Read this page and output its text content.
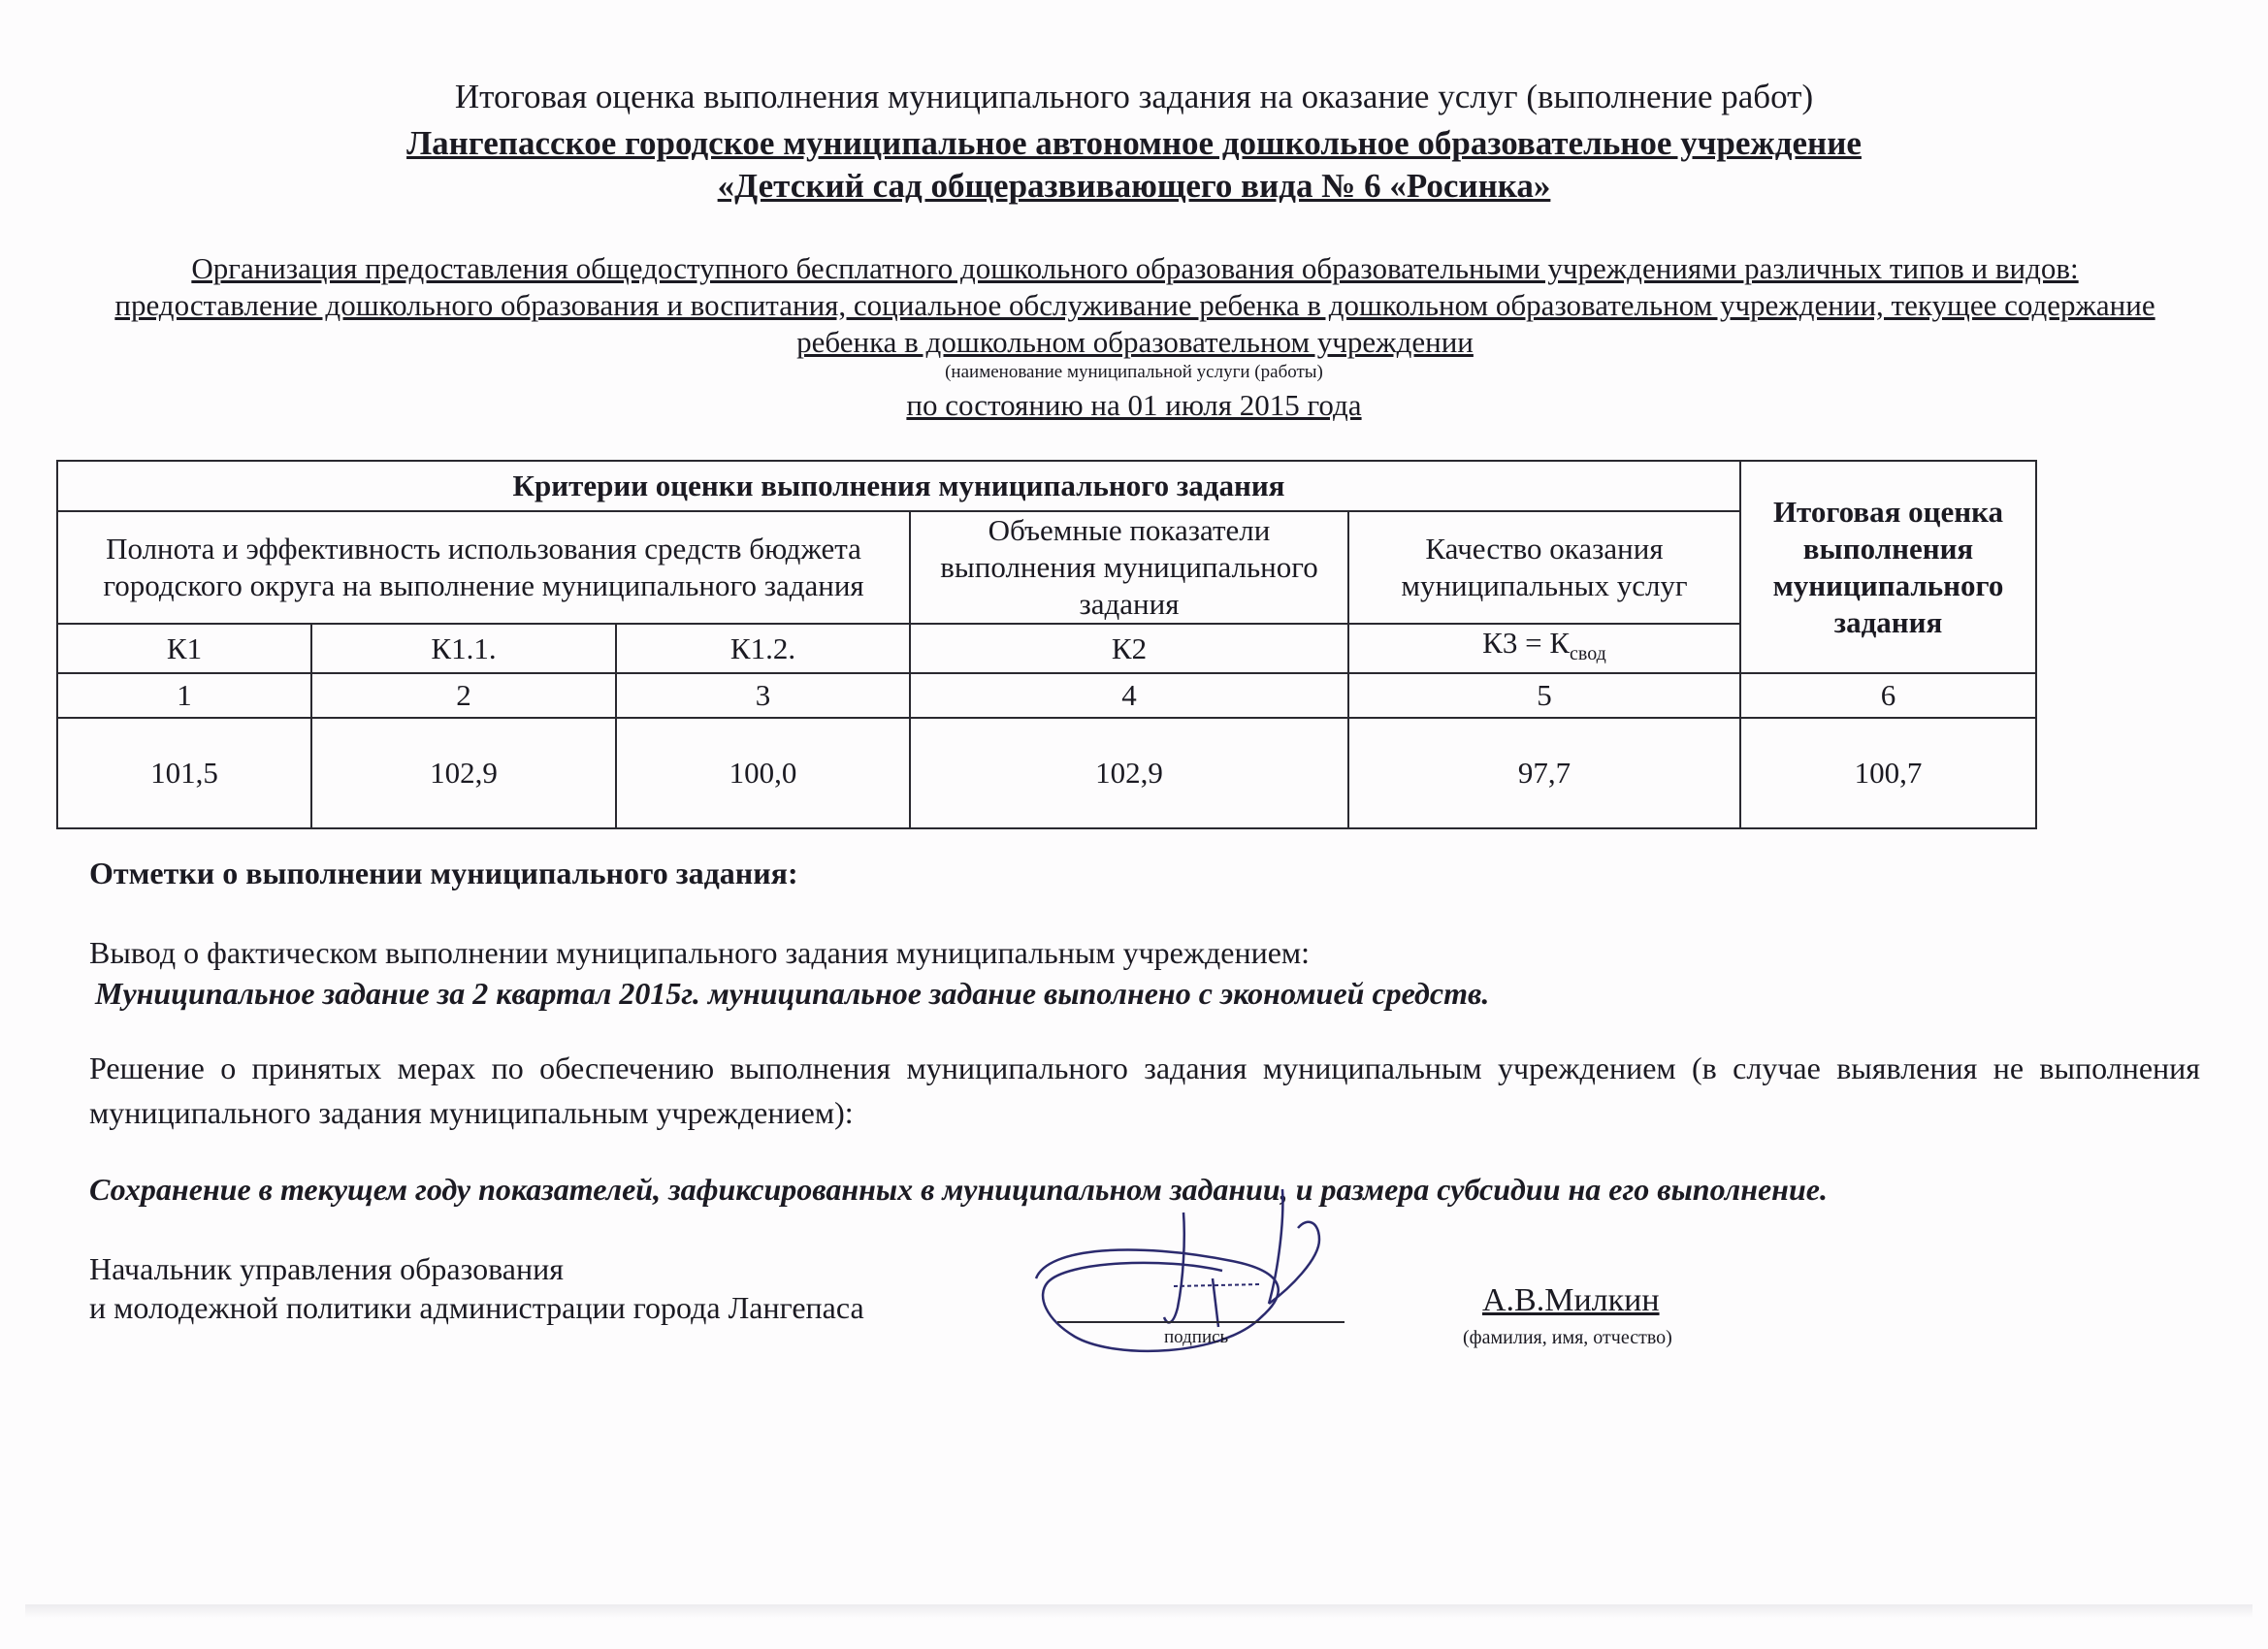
Итоговая оценка выполнения муниципального задания на оказание услуг (выполнение работ)
Лангепасское городское муниципальное автономное дошкольное образовательное учреждение
«Детский сад общеразвивающего вида № 6 «Росинка»
Организация предоставления общедоступного бесплатного дошкольного образования образовательными учреждениями различных типов и видов: предоставление дошкольного образования и воспитания, социальное обслуживание ребенка в дошкольном образовательном учреждении, текущее содержание ребенка в дошкольном образовательном учреждении
(наименование муниципальной услуги (работы)
по состоянию на 01 июля 2015 года
Критерии оценки выполнения муниципального задания					Итоговая оценка выполнения муниципального задания
Полнота и эффективность использования средств бюджета городского округа на выполнение муниципального задания			Объемные показатели выполнения муниципального задания	Качество оказания муниципальных услуг	
К1	К1.1.	К1.2.	К2	$К3 = К_{свод}$
1	2	3	4	5	6
101,5	102,9	100,0	102,9	97,7	100,7
Отметки о выполнении муниципального задания:
Вывод о фактическом выполнении муниципального задания муниципальным учреждением:
Муниципальное задание за 2 квартал 2015г. муниципальное задание выполнено с экономией средств.
Решение о принятых мерах по обеспечению выполнения муниципального задания муниципальным учреждением (в случае выявления не выполнения муниципального задания муниципальным учреждением):
Сохранение в текущем году показателей, зафиксированных в муниципальном задании, и размера субсидии на его выполнение.
Начальник управления образования
и молодежной политики администрации города Лангепаса
подпись
А.В.Милкин
(фамилия, имя, отчество)
